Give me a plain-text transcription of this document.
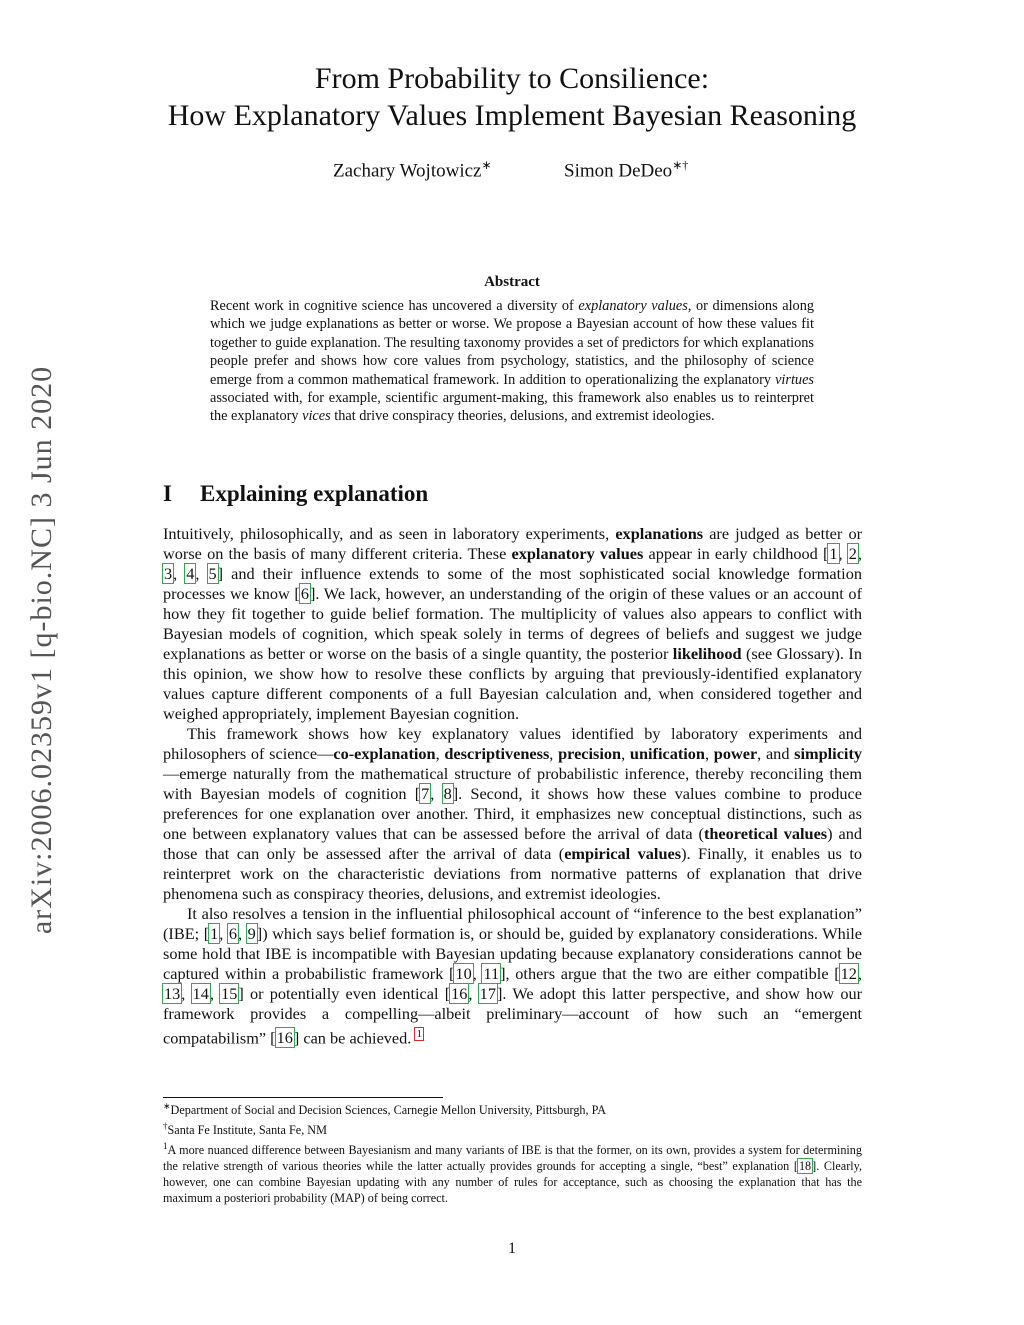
arXiv:2006.02359v1 [q-bio.NC] 3 Jun 2020
From Probability to Consilience:
How Explanatory Values Implement Bayesian Reasoning
Zachary Wojtowicz∗	Simon DeDeo∗†
Abstract
Recent work in cognitive science has uncovered a diversity of explanatory values, or dimensions along which we judge explanations as better or worse. We propose a Bayesian account of how these values fit together to guide explanation. The resulting taxonomy provides a set of predictors for which explanations people prefer and shows how core values from psychology, statistics, and the philosophy of science emerge from a common mathematical framework. In addition to operationalizing the explanatory virtues associated with, for example, scientific argument-making, this framework also enables us to reinterpret the explanatory vices that drive conspiracy theories, delusions, and extremist ideologies.
I Explaining explanation

Intuitively, philosophically, and as seen in laboratory experiments, explanations are judged as better or worse on the basis of many different criteria. These explanatory values appear in early childhood [1, 2, 3, 4, 5] and their influence extends to some of the most sophisticated social knowledge formation processes we know [6]. We lack, however, an understanding of the origin of these values or an account of how they fit together to guide belief formation. The multiplicity of values also appears to conflict with Bayesian models of cognition, which speak solely in terms of degrees of beliefs and suggest we judge explanations as better or worse on the basis of a single quantity, the posterior likelihood (see Glossary). In this opinion, we show how to resolve these conflicts by arguing that previously-identified explanatory values capture different components of a full Bayesian calculation and, when considered together and weighed appropriately, implement Bayesian cognition.

This framework shows how key explanatory values identified by laboratory experiments and philosophers of science—co-explanation, descriptiveness, precision, unification, power, and simplicity—emerge naturally from the mathematical structure of probabilistic inference, thereby reconciling them with Bayesian models of cognition [7, 8]. Second, it shows how these values combine to produce preferences for one explanation over another. Third, it emphasizes new conceptual distinctions, such as one between explanatory values that can be assessed before the arrival of data (theoretical values) and those that can only be assessed after the arrival of data (empirical values). Finally, it enables us to reinterpret work on the characteristic deviations from normative patterns of explanation that drive phenomena such as conspiracy theories, delusions, and extremist ideologies.

It also resolves a tension in the influential philosophical account of “inference to the best explanation” (IBE; [1, 6, 9]) which says belief formation is, or should be, guided by explanatory considerations. While some hold that IBE is incompatible with Bayesian updating because explanatory considerations cannot be captured within a probabilistic framework [10, 11], others argue that the two are either compatible [12, 13, 14, 15] or potentially even identical [16, 17]. We adopt this latter perspective, and show how our framework provides a compelling—albeit preliminary—account of how such an “emergent compatabilism” [16] can be achieved. $^1$

∗Department of Social and Decision Sciences, Carnegie Mellon University, Pittsburgh, PA

†Santa Fe Institute, Santa Fe, NM

$^1$A more nuanced difference between Bayesianism and many variants of IBE is that the former, on its own, provides a system for determining the relative strength of various theories while the latter actually provides grounds for accepting a single, “best” explanation [18]. Clearly, however, one can combine Bayesian updating with any number of rules for acceptance, such as choosing the explanation that has the maximum a posteriori probability (MAP) of being correct.

1
